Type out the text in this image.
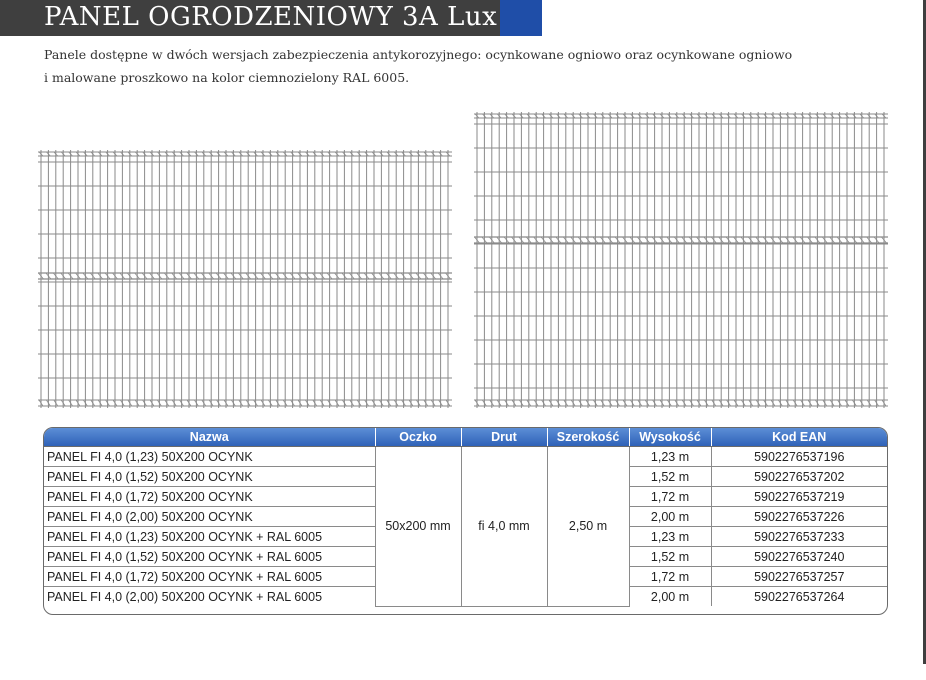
PANEL OGRODZENIOWY 3A Lux
Panele dostępne w dwóch wersjach zabezpieczenia antykorozyjnego: ocynkowane ogniowo oraz ocynkowane ogniowo
i malowane proszkowo na kolor ciemnozielony RAL 6005.
Nazwa	Oczko	Drut	Szerokość	Wysokość	Kod EAN
PANEL FI 4,0 (1,23) 50X200 OCYNK	50x200 mm	fi 4,0 mm	2,50 m	1,23 m	5902276537196
PANEL FI 4,0 (1,52) 50X200 OCYNK				1,52 m	5902276537202
PANEL FI 4,0 (1,72) 50X200 OCYNK				1,72 m	5902276537219
PANEL FI 4,0 (2,00) 50X200 OCYNK				2,00 m	5902276537226
PANEL FI 4,0 (1,23) 50X200 OCYNK + RAL 6005				1,23 m	5902276537233
PANEL FI 4,0 (1,52) 50X200 OCYNK + RAL 6005				1,52 m	5902276537240
PANEL FI 4,0 (1,72) 50X200 OCYNK + RAL 6005				1,72 m	5902276537257
PANEL FI 4,0 (2,00) 50X200 OCYNK + RAL 6005				2,00 m	5902276537264
